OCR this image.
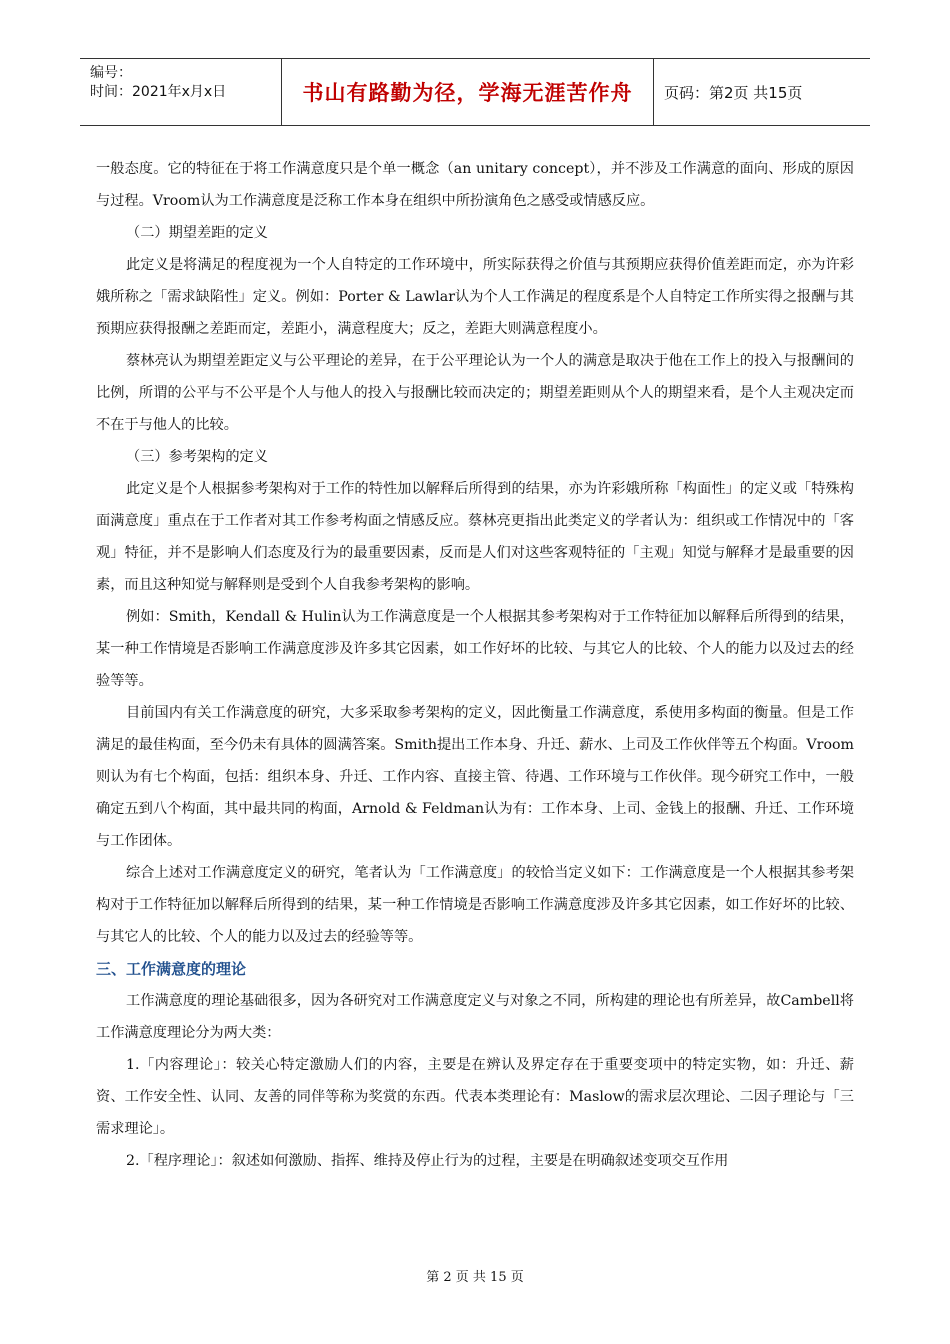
编号：
时间：2021年x月x日	书山有路勤为径，学海无涯苦作舟	页码：第2页 共15页

一般态度。它的特征在于将工作满意度只是个单一概念（an unitary concept），并不涉及工作满意的面向、形成的原因与过程。Vroom认为工作满意度是泛称工作本身在组织中所扮演角色之感受或情感反应。

（二）期望差距的定义

此定义是将满足的程度视为一个人自特定的工作环境中，所实际获得之价值与其预期应获得价值差距而定，亦为许彩娥所称之「需求缺陷性」定义。例如：Porter & Lawlar认为个人工作满足的程度系是个人自特定工作所实得之报酬与其预期应获得报酬之差距而定，差距小，满意程度大；反之，差距大则满意程度小。

蔡林亮认为期望差距定义与公平理论的差异，在于公平理论认为一个人的满意是取决于他在工作上的投入与报酬间的比例，所谓的公平与不公平是个人与他人的投入与报酬比较而决定的；期望差距则从个人的期望来看，是个人主观决定而不在于与他人的比较。

（三）参考架构的定义

此定义是个人根据参考架构对于工作的特性加以解释后所得到的结果，亦为许彩娥所称「构面性」的定义或「特殊构面满意度」重点在于工作者对其工作参考构面之情感反应。蔡林亮更指出此类定义的学者认为：组织或工作情况中的「客观」特征，并不是影响人们态度及行为的最重要因素，反而是人们对这些客观特征的「主观」知觉与解释才是最重要的因素，而且这种知觉与解释则是受到个人自我参考架构的影响。

例如：Smith，Kendall & Hulin认为工作满意度是一个人根据其参考架构对于工作特征加以解释后所得到的结果，某一种工作情境是否影响工作满意度涉及许多其它因素，如工作好坏的比较、与其它人的比较、个人的能力以及过去的经验等等。

目前国内有关工作满意度的研究，大多采取参考架构的定义，因此衡量工作满意度，系使用多构面的衡量。但是工作满足的最佳构面，至今仍未有具体的圆满答案。Smith提出工作本身、升迁、薪水、上司及工作伙伴等五个构面。Vroom则认为有七个构面，包括：组织本身、升迁、工作内容、直接主管、待遇、工作环境与工作伙伴。现今研究工作中，一般确定五到八个构面，其中最共同的构面，Arnold & Feldman认为有：工作本身、上司、金钱上的报酬、升迁、工作环境与工作团体。

综合上述对工作满意度定义的研究，笔者认为「工作满意度」的较恰当定义如下：工作满意度是一个人根据其参考架构对于工作特征加以解释后所得到的结果，某一种工作情境是否影响工作满意度涉及许多其它因素，如工作好坏的比较、与其它人的比较、个人的能力以及过去的经验等等。

三、工作满意度的理论

工作满意度的理论基础很多，因为各研究对工作满意度定义与对象之不同，所构建的理论也有所差异，故Cambell将工作满意度理论分为两大类：

1.「内容理论」：较关心特定激励人们的内容，主要是在辨认及界定存在于重要变项中的特定实物，如：升迁、薪资、工作安全性、认同、友善的同伴等称为奖赏的东西。代表本类理论有：Maslow的需求层次理论、二因子理论与「三需求理论」。

2.「程序理论」：叙述如何激励、指挥、维持及停止行为的过程，主要是在明确叙述变项交互作用

第 2 页 共 15 页
